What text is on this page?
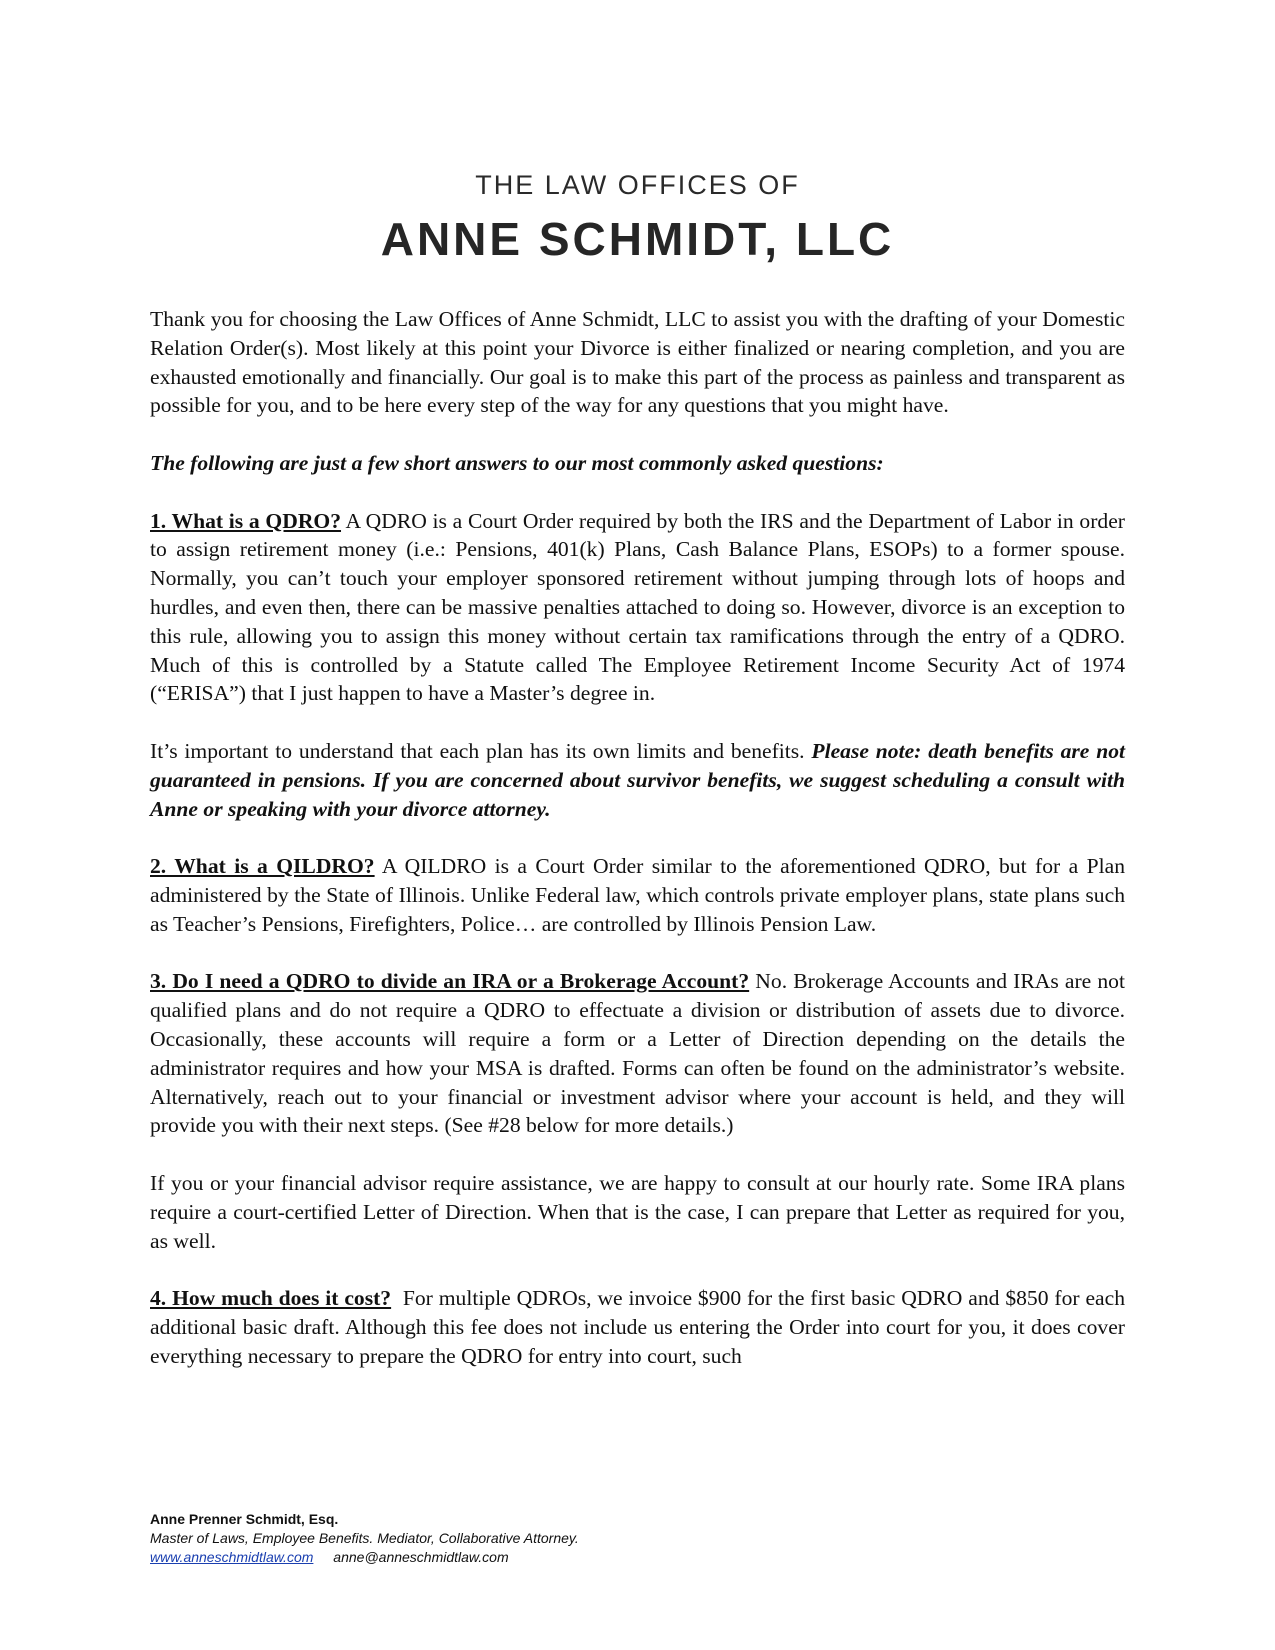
THE LAW OFFICES OF
ANNE SCHMIDT, LLC

Thank you for choosing the Law Offices of Anne Schmidt, LLC to assist you with the drafting of your Domestic Relation Order(s). Most likely at this point your Divorce is either finalized or nearing completion, and you are exhausted emotionally and financially. Our goal is to make this part of the process as painless and transparent as possible for you, and to be here every step of the way for any questions that you might have.

The following are just a few short answers to our most commonly asked questions:

1. What is a QDRO? A QDRO is a Court Order required by both the IRS and the Department of Labor in order to assign retirement money (i.e.: Pensions, 401(k) Plans, Cash Balance Plans, ESOPs) to a former spouse. Normally, you can’t touch your employer sponsored retirement without jumping through lots of hoops and hurdles, and even then, there can be massive penalties attached to doing so. However, divorce is an exception to this rule, allowing you to assign this money without certain tax ramifications through the entry of a QDRO. Much of this is controlled by a Statute called The Employee Retirement Income Security Act of 1974 (“ERISA”) that I just happen to have a Master’s degree in.

It’s important to understand that each plan has its own limits and benefits. Please note: death benefits are not guaranteed in pensions. If you are concerned about survivor benefits, we suggest scheduling a consult with Anne or speaking with your divorce attorney.

2. What is a QILDRO? A QILDRO is a Court Order similar to the aforementioned QDRO, but for a Plan administered by the State of Illinois. Unlike Federal law, which controls private employer plans, state plans such as Teacher’s Pensions, Firefighters, Police… are controlled by Illinois Pension Law.

3. Do I need a QDRO to divide an IRA or a Brokerage Account? No. Brokerage Accounts and IRAs are not qualified plans and do not require a QDRO to effectuate a division or distribution of assets due to divorce. Occasionally, these accounts will require a form or a Letter of Direction depending on the details the administrator requires and how your MSA is drafted. Forms can often be found on the administrator’s website. Alternatively, reach out to your financial or investment advisor where your account is held, and they will provide you with their next steps. (See #28 below for more details.)

If you or your financial advisor require assistance, we are happy to consult at our hourly rate. Some IRA plans require a court-certified Letter of Direction. When that is the case, I can prepare that Letter as required for you, as well.

4. How much does it cost?  For multiple QDROs, we invoice $900 for the first basic QDRO and $850 for each additional basic draft. Although this fee does not include us entering the Order into court for you, it does cover everything necessary to prepare the QDRO for entry into court, such

Anne Prenner Schmidt, Esq.
Master of Laws, Employee Benefits. Mediator, Collaborative Attorney.
www.anneschmidtlaw.com anne@anneschmidtlaw.com
